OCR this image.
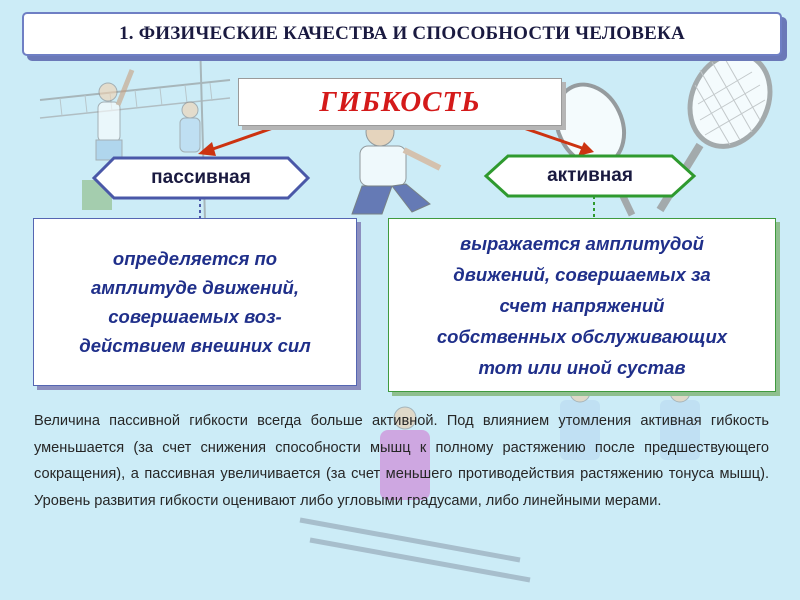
1. ФИЗИЧЕСКИЕ КАЧЕСТВА И СПОСОБНОСТИ ЧЕЛОВЕКА
ГИБКОСТЬ
пассивная	активная
определяется по
амплитуде движений,
совершаемых воз-
действием внешних сил
выражается амплитудой
движений, совершаемых за
счет напряжений
собственных обслуживающих
тот или иной сустав
Величина пассивной гибкости всегда больше активной. Под влиянием утомления активная гибкость уменьшается (за счет снижения способности мышц к полному растяжению после предшествующего сокращения), а пассивная увеличивается (за счет меньшего противодействия растяжению тонуса мышц). Уровень развития гибкости оценивают либо угловыми градусами, либо линейными мерами.
